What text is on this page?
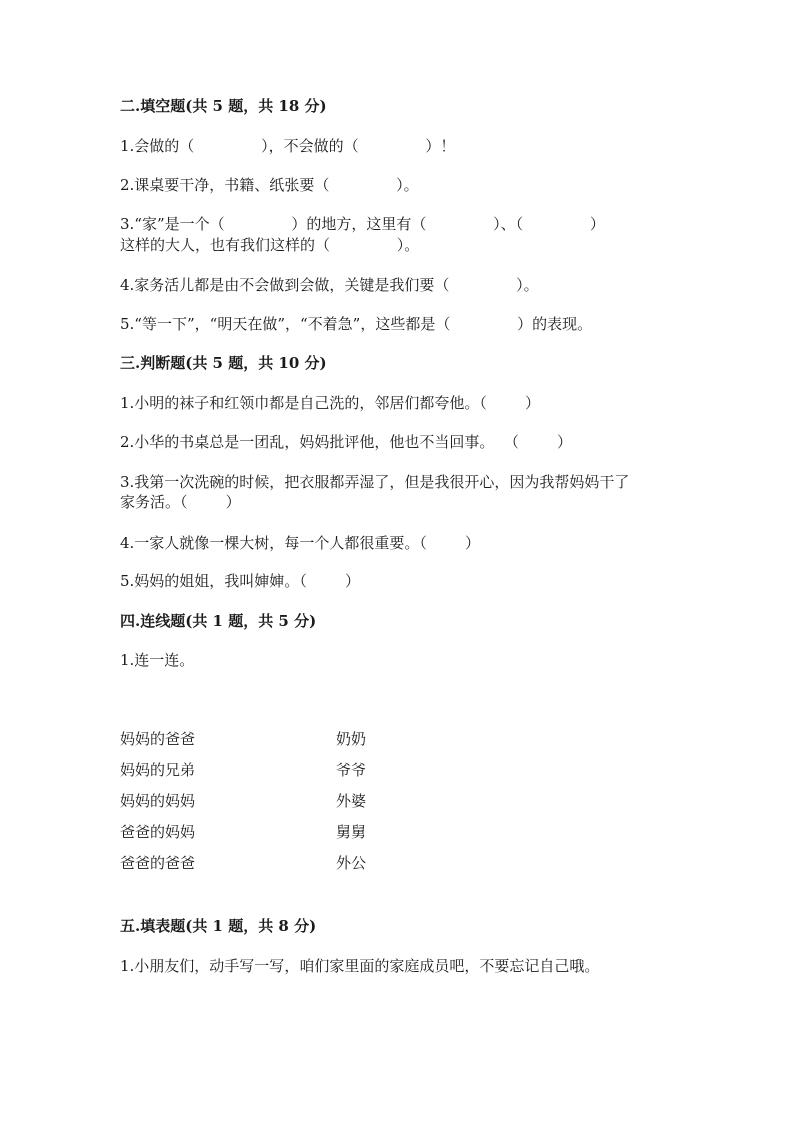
二.填空题(共 5 题，共 18 分)
1.会做的（              ），不会做的（              ）！
2.课桌要干净，书籍、纸张要（              ）。
3.“家”是一个（              ）的地方，这里有（              ）、（              ）
这样的大人，也有我们这样的（              ）。
4.家务活儿都是由不会做到会做，关键是我们要（              ）。
5.“等一下”，“明天在做”，“不着急”，这些都是（              ）的表现。
三.判断题(共 5 题，共 10 分)
1.小明的袜子和红领巾都是自己洗的，邻居们都夸他。（        ）
2.小华的书桌总是一团乱，妈妈批评他，他也不当回事。  （        ）
3.我第一次洗碗的时候，把衣服都弄湿了，但是我很开心，因为我帮妈妈干了
家务活。（        ）
4.一家人就像一棵大树，每一个人都很重要。（        ）
5.妈妈的姐姐，我叫婶婶。（        ）
四.连线题(共 1 题，共 5 分)
1.连一连。
妈妈的爸爸
妈妈的兄弟
妈妈的妈妈
爸爸的妈妈
爸爸的爸爸
奶奶
爷爷
外婆
舅舅
外公
五.填表题(共 1 题，共 8 分)
1.小朋友们，动手写一写，咱们家里面的家庭成员吧，不要忘记自己哦。
